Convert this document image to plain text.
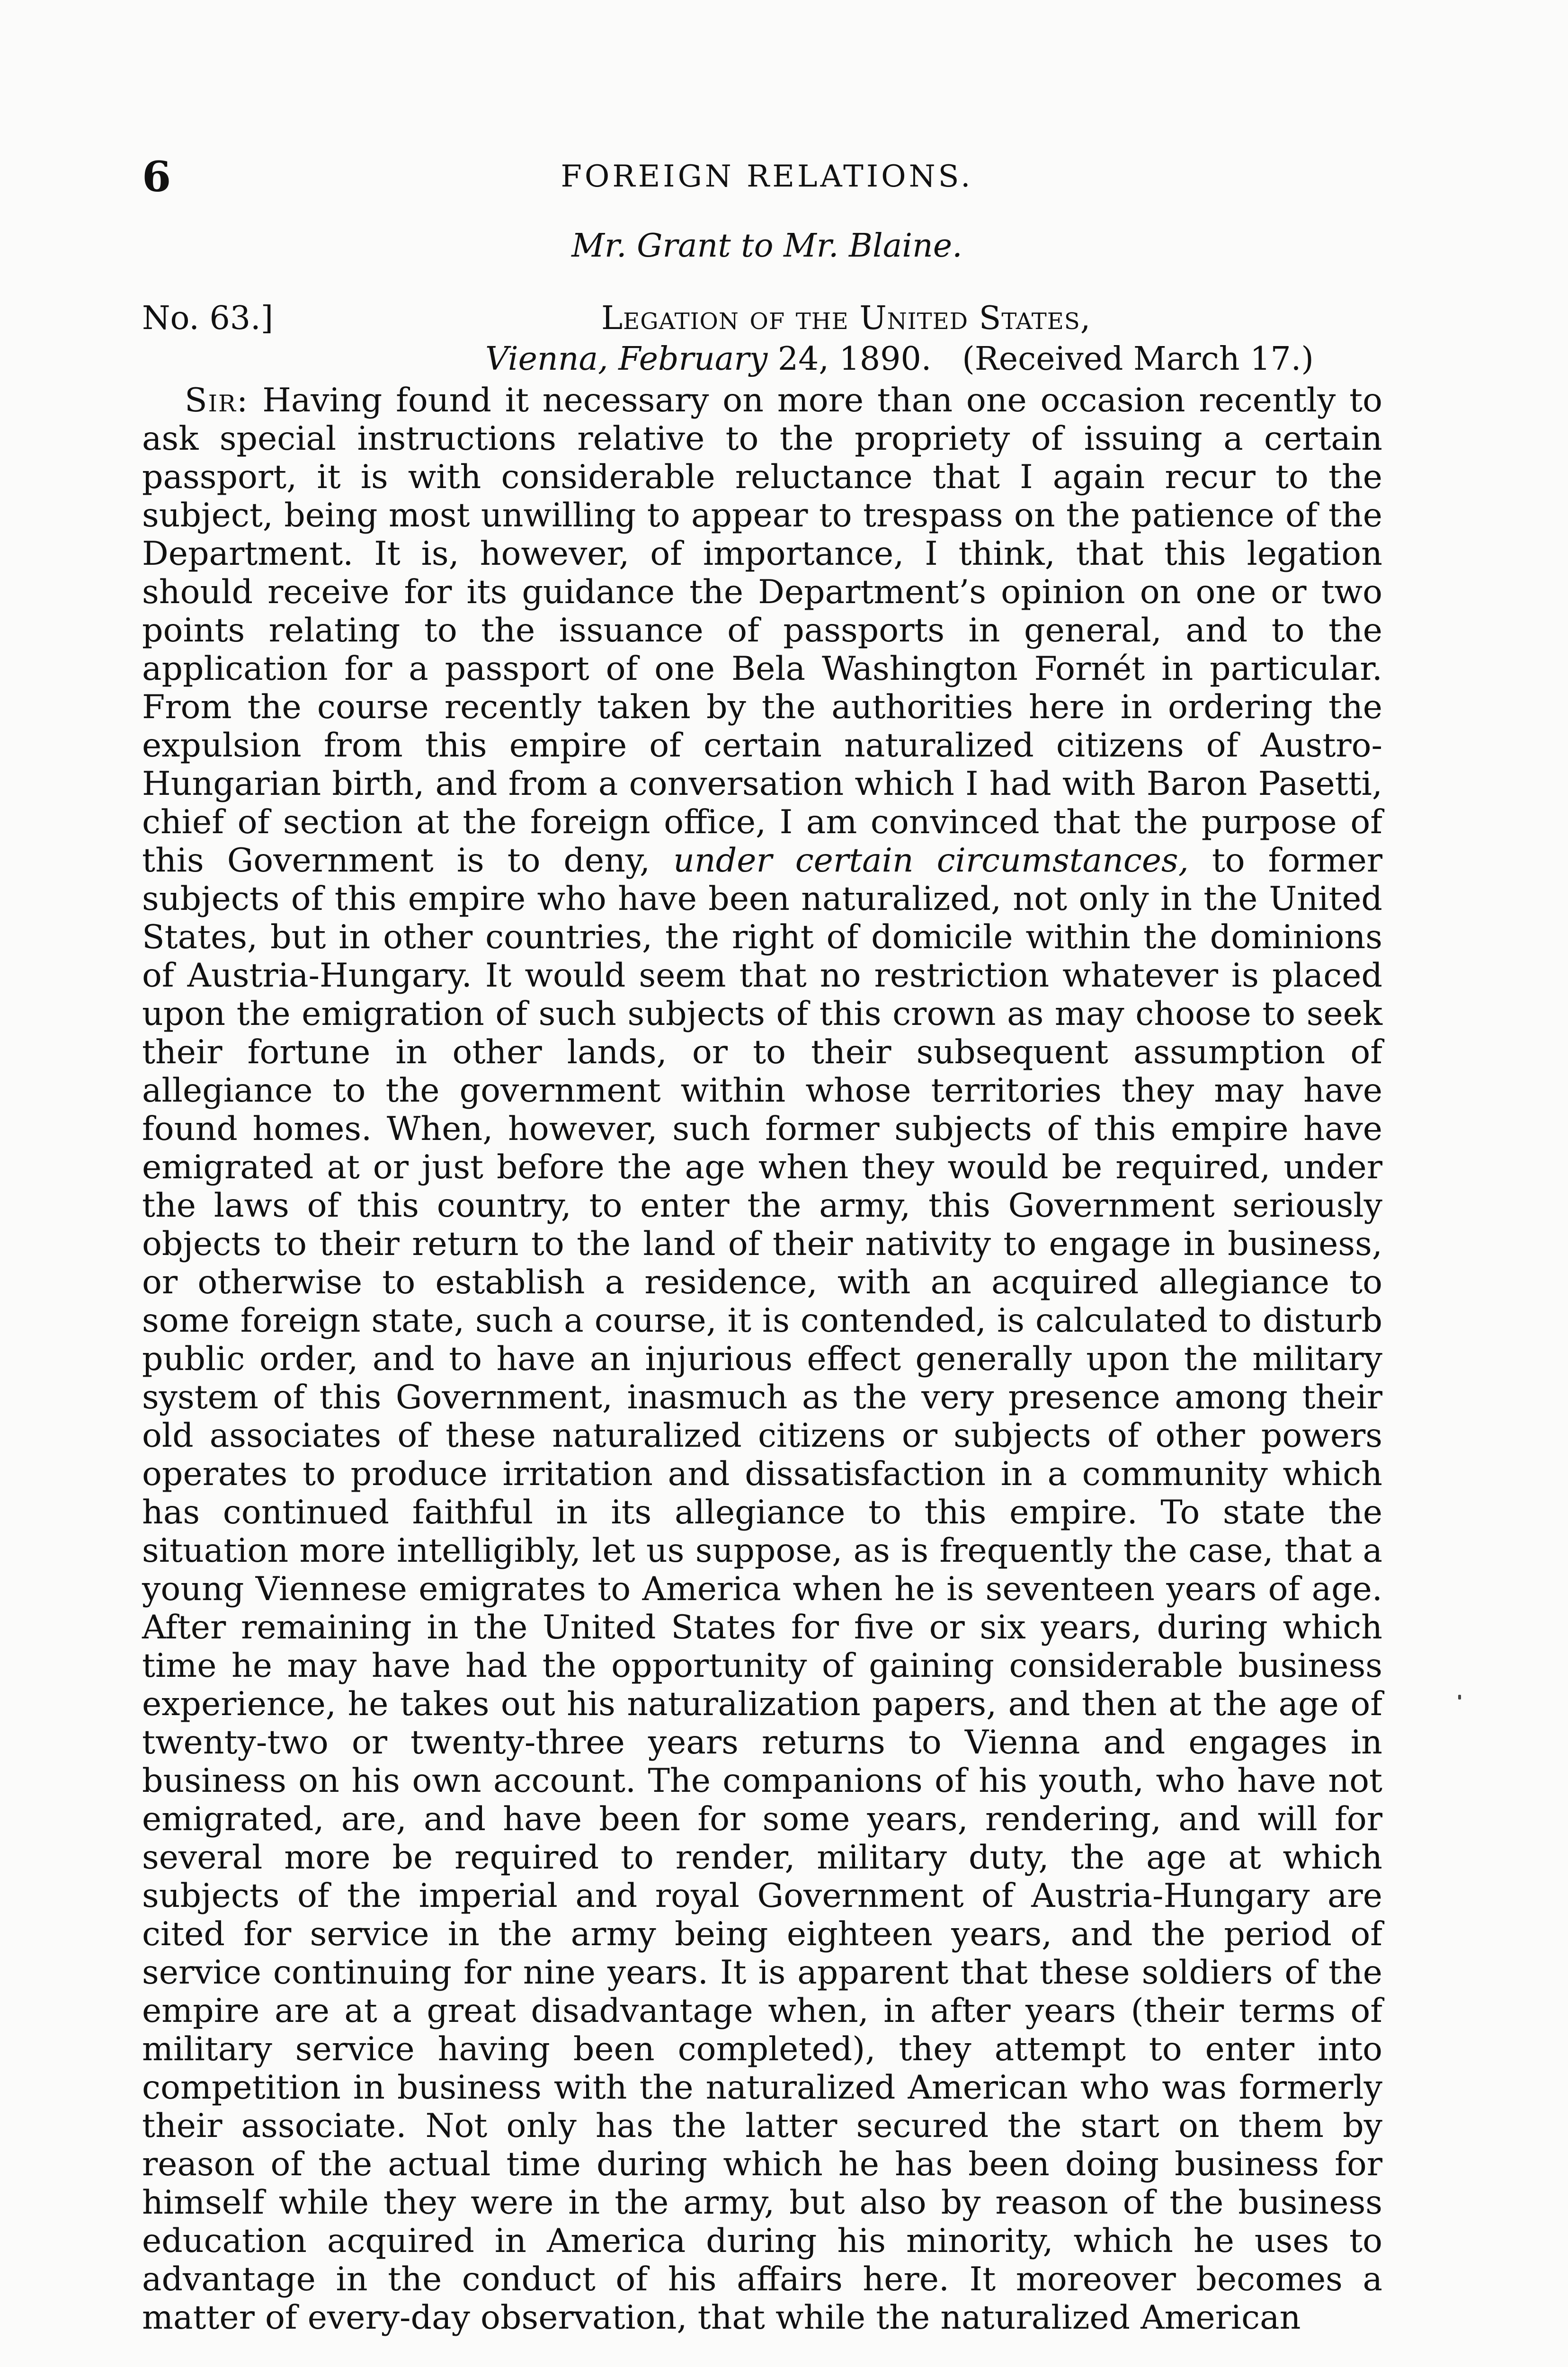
6	FOREIGN RELATIONS.
Mr. Grant to Mr. Blaine.
No. 63.]	Legation of the United States,
Vienna, February 24, 1890. (Received March 17.)

Sir: Having found it necessary on more than one occasion recently to ask special instructions relative to the propriety of issuing a certain passport, it is with considerable reluctance that I again recur to the subject, being most unwilling to appear to trespass on the patience of the Department. It is, however, of importance, I think, that this legation should receive for its guidance the Department’s opinion on one or two points relating to the issuance of passports in general, and to the application for a passport of one Bela Washington Fornét in particular. From the course recently taken by the authorities here in ordering the expulsion from this empire of certain naturalized citizens of Austro-Hungarian birth, and from a conversation which I had with Baron Pasetti, chief of section at the foreign office, I am convinced that the purpose of this Government is to deny, under certain circumstances, to former subjects of this empire who have been naturalized, not only in the United States, but in other countries, the right of domicile within the dominions of Austria-Hungary. It would seem that no restriction whatever is placed upon the emigration of such subjects of this crown as may choose to seek their fortune in other lands, or to their subsequent assumption of allegiance to the government within whose territories they may have found homes. When, however, such former subjects of this empire have emigrated at or just before the age when they would be required, under the laws of this country, to enter the army, this Government seriously objects to their return to the land of their nativity to engage in business, or otherwise to establish a residence, with an acquired allegiance to some foreign state, such a course, it is contended, is calculated to disturb public order, and to have an injurious effect generally upon the military system of this Government, inasmuch as the very presence among their old associates of these naturalized citizens or subjects of other powers operates to produce irritation and dissatisfaction in a community which has continued faithful in its allegiance to this empire. To state the situation more intelligibly, let us suppose, as is frequently the case, that a young Viennese emigrates to America when he is seventeen years of age. After remaining in the United States for five or six years, during which time he may have had the opportunity of gaining considerable business experience, he takes out his naturalization papers, and then at the age of twenty-two or twenty-three years returns to Vienna and engages in business on his own account. The companions of his youth, who have not emigrated, are, and have been for some years, rendering, and will for several more be required to render, military duty, the age at which subjects of the imperial and royal Government of Austria-Hungary are cited for service in the army being eighteen years, and the period of service continuing for nine years. It is apparent that these soldiers of the empire are at a great disadvantage when, in after years (their terms of military service having been completed), they attempt to enter into competition in business with the naturalized American who was formerly their associate. Not only has the latter secured the start on them by reason of the actual time during which he has been doing business for himself while they were in the army, but also by reason of the business education acquired in America during his minority, which he uses to advantage in the conduct of his affairs here. It moreover becomes a matter of every-day observation, that while the naturalized American
